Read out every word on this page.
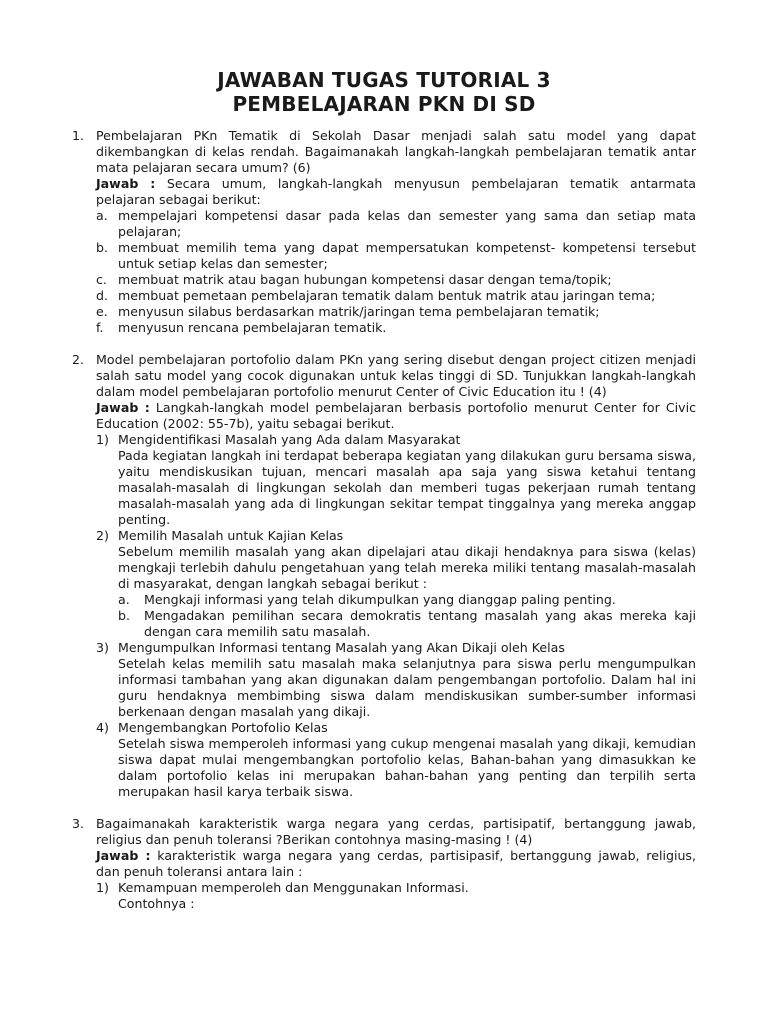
JAWABAN TUGAS TUTORIAL 3
PEMBELAJARAN PKN DI SD
1. Pembelajaran PKn Tematik di Sekolah Dasar menjadi salah satu model yang dapat dikembangkan di kelas rendah. Bagaimanakah langkah-langkah pembelajaran tematik antar mata pelajaran secara umum? (6)
Jawab : Secara umum, langkah-langkah menyusun pembelajaran tematik antarmata pelajaran sebagai berikut:
a. mempelajari kompetensi dasar pada kelas dan semester yang sama dan setiap mata pelajaran;
b. membuat memilih tema yang dapat mempersatukan kompetenst- kompetensi tersebut untuk setiap kelas dan semester;
c. membuat matrik atau bagan hubungan kompetensi dasar dengan tema/topik;
d. membuat pemetaan pembelajaran tematik dalam bentuk matrik atau jaringan tema;
e. menyusun silabus berdasarkan matrik/jaringan tema pembelajaran tematik;
f. menyusun rencana pembelajaran tematik.
2. Model pembelajaran portofolio dalam PKn yang sering disebut dengan project citizen menjadi salah satu model yang cocok digunakan untuk kelas tinggi di SD. Tunjukkan langkah-langkah dalam model pembelajaran portofolio menurut Center of Civic Education itu ! (4)
Jawab : Langkah-langkah model pembelajaran berbasis portofolio menurut Center for Civic Education (2002: 55-7b), yaitu sebagai berikut.
1) Mengidentifikasi Masalah yang Ada dalam Masyarakat
Pada kegiatan langkah ini terdapat beberapa kegiatan yang dilakukan guru bersama siswa, yaitu mendiskusikan tujuan, mencari masalah apa saja yang siswa ketahui tentang masalah-masalah di lingkungan sekolah dan memberi tugas pekerjaan rumah tentang masalah-masalah yang ada di lingkungan sekitar tempat tinggalnya yang mereka anggap penting.
2) Memilih Masalah untuk Kajian Kelas
Sebelum memilih masalah yang akan dipelajari atau dikaji hendaknya para siswa (kelas) mengkaji terlebih dahulu pengetahuan yang telah mereka miliki tentang masalah-masalah di masyarakat, dengan langkah sebagai berikut :
a. Mengkaji informasi yang telah dikumpulkan yang dianggap paling penting.
b. Mengadakan pemilihan secara demokratis tentang masalah yang akas mereka kaji dengan cara memilih satu masalah.
3) Mengumpulkan Informasi tentang Masalah yang Akan Dikaji oleh Kelas
Setelah kelas memilih satu masalah maka selanjutnya para siswa perlu mengumpulkan informasi tambahan yang akan digunakan dalam pengembangan portofolio. Dalam hal ini guru hendaknya membimbing siswa dalam mendiskusikan sumber-sumber informasi berkenaan dengan masalah yang dikaji.
4) Mengembangkan Portofolio Kelas
Setelah siswa memperoleh informasi yang cukup mengenai masalah yang dikaji, kemudian siswa dapat mulai mengembangkan portofolio kelas, Bahan-bahan yang dimasukkan ke dalam portofolio kelas ini merupakan bahan-bahan yang penting dan terpilih serta merupakan hasil karya terbaik siswa.
3. Bagaimanakah karakteristik warga negara yang cerdas, partisipatif, bertanggung jawab, religius dan penuh toleransi ?Berikan contohnya masing-masing ! (4)
Jawab : karakteristik warga negara yang cerdas, partisipasif, bertanggung jawab, religius, dan penuh toleransi antara lain :
1) Kemampuan memperoleh dan Menggunakan Informasi.
Contohnya :
